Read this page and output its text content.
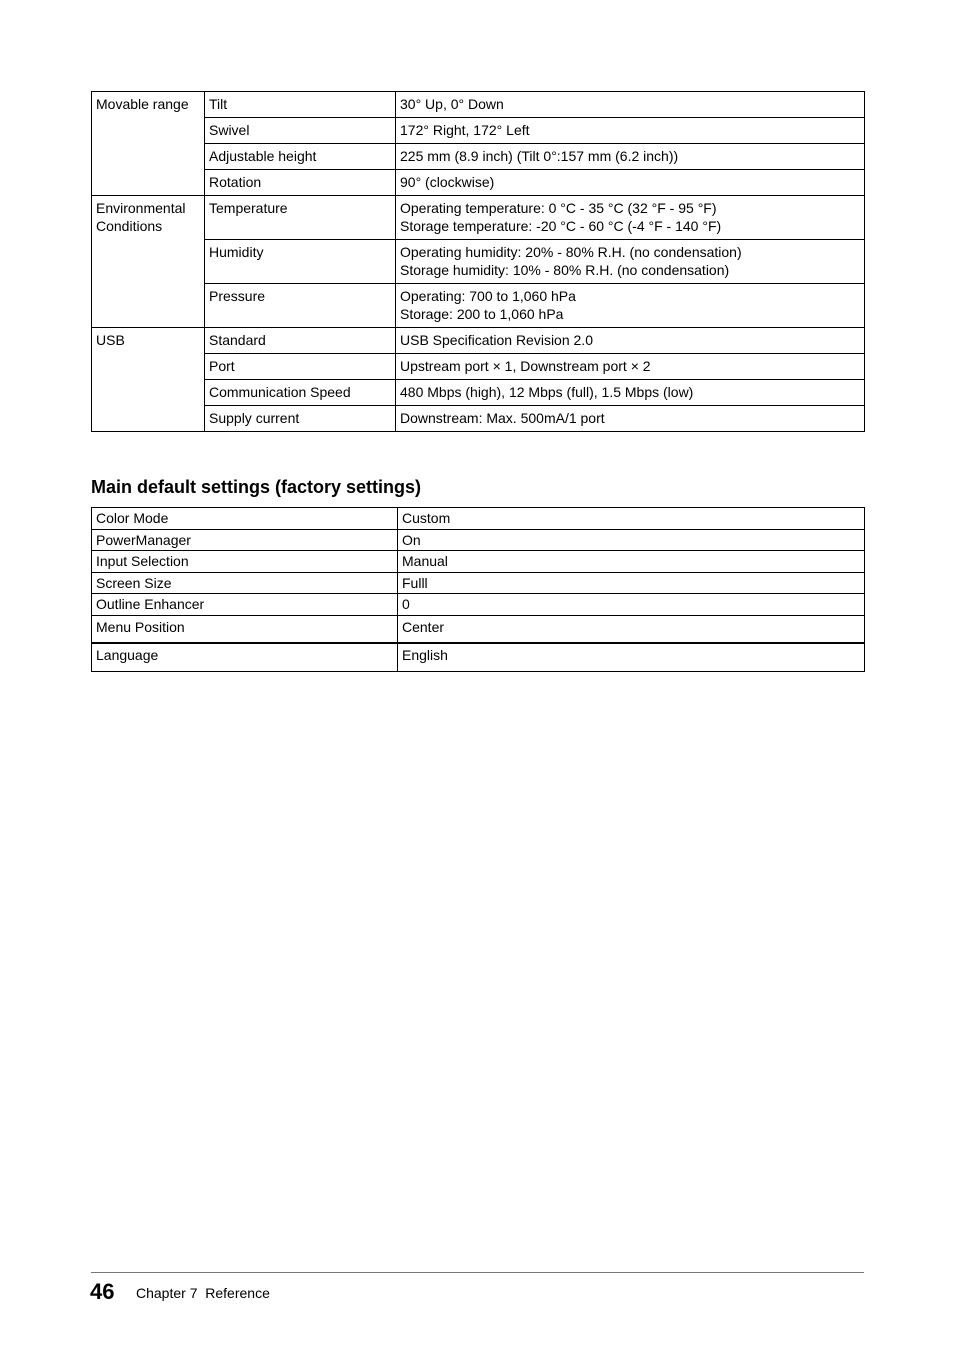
Movable range	Tilt	30° Up, 0° Down
	Swivel	172° Right, 172° Left
	Adjustable height	225 mm (8.9 inch) (Tilt 0°:157 mm (6.2 inch))
	Rotation	90° (clockwise)

Environmental
Conditions	Temperature	Operating temperature: 0 °C - 35 °C (32 °F - 95 °F)
Storage temperature: -20 °C - 60 °C (-4 °F - 140 °F)

	Humidity	Operating humidity: 20% - 80% R.H. (no condensation)
Storage humidity: 10% - 80% R.H. (no condensation)

	Pressure	Operating: 700 to 1,060 hPa
Storage: 200 to 1,060 hPa

USB	Standard	USB Specification Revision 2.0
	Port	Upstream port × 1, Downstream port × 2
	Communication Speed	480 Mbps (high), 12 Mbps (full), 1.5 Mbps (low)
	Supply current	Downstream: Max. 500mA/1 port
Main default settings (factory settings)
Color Mode	Custom
PowerManager	On
Input Selection	Manual
Screen Size	Fulll
Outline Enhancer	0
Menu Position	Center
Language	English
46 Chapter 7 Reference
